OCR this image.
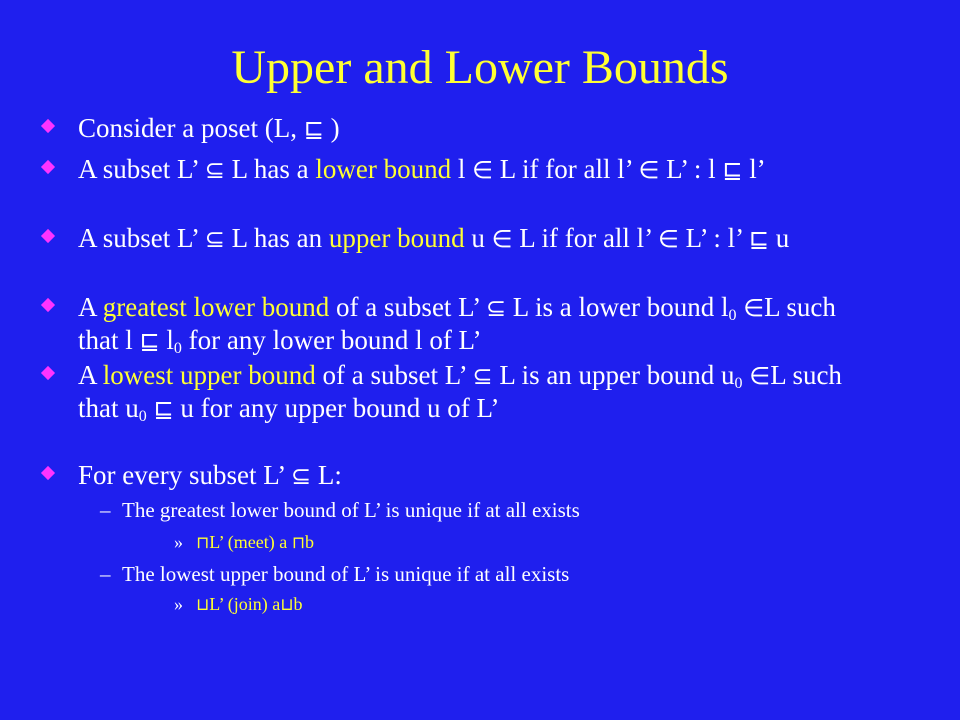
Upper and Lower Bounds
Consider a poset (L, ⊑ )
A subset L’ ⊆ L has a lower bound l ∈ L if for all l’ ∈ L’ : l ⊑ l’
A subset L’ ⊆ L has an upper bound u ∈ L if for all l’ ∈ L’ : l’ ⊑ u
A greatest lower bound of a subset L’ ⊆ L is a lower bound $l_0$ ∈L such that l ⊑ $l_0$ for any lower bound l of L’
A lowest upper bound of a subset L’ ⊆ L is an upper bound $u_0$ ∈L such that $u_0$ ⊑ u for any upper bound u of L’
For every subset L’ ⊆ L:
– The greatest lower bound of L’ is unique if at all exists
» ⊓L’ (meet) a ⊓b
– The lowest upper bound of L’ is unique if at all exists
» ⊔L’ (join) a⊔b
